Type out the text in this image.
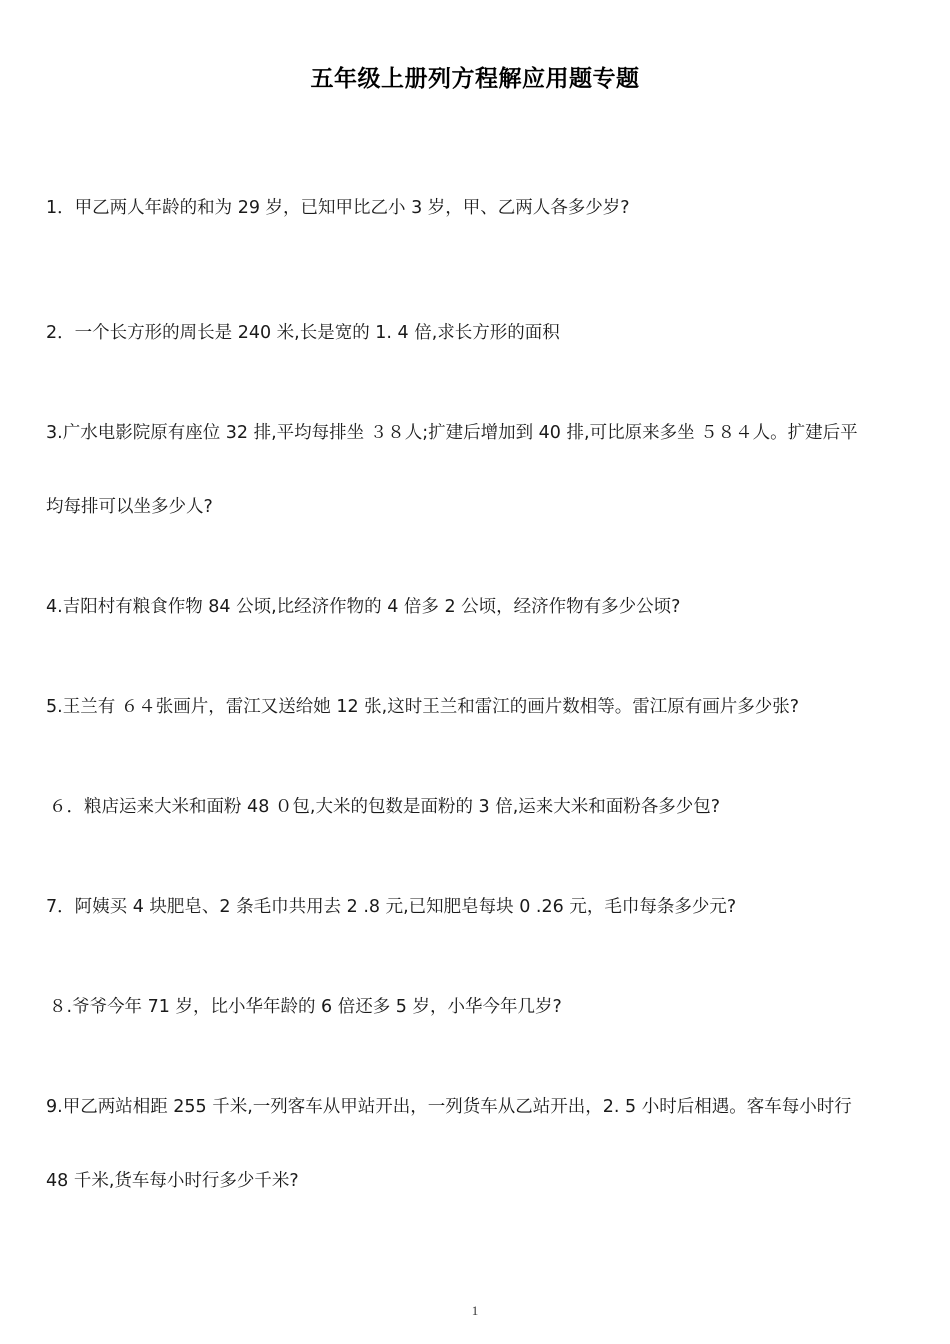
五年级上册列方程解应用题专题
1．甲乙两人年龄的和为 29 岁，已知甲比乙小 3 岁，甲、乙两人各多少岁?
2．一个长方形的周长是 240 米,长是宽的 1. 4 倍,求长方形的面积
3.广水电影院原有座位 32 排,平均每排坐 ３８人;扩建后增加到 40 排,可比原来多坐 ５８４人。扩建后平
均每排可以坐多少人?
4.吉阳村有粮食作物 84 公顷,比经济作物的 4 倍多 2 公顷，经济作物有多少公顷?
5.王兰有 ６４张画片，雷江又送给她 12 张,这时王兰和雷江的画片数相等。雷江原有画片多少张?
６．粮店运来大米和面粉 48 ０包,大米的包数是面粉的 3 倍,运来大米和面粉各多少包?
7．阿姨买 4 块肥皂、2 条毛巾共用去 2 .8 元,已知肥皂每块 0 .26 元，毛巾每条多少元?
８.爷爷今年 71 岁，比小华年龄的 6 倍还多 5 岁，小华今年几岁?
9.甲乙两站相距 255 千米,一列客车从甲站开出，一列货车从乙站开出，2. 5 小时后相遇。客车每小时行
48 千米,货车每小时行多少千米?
1
